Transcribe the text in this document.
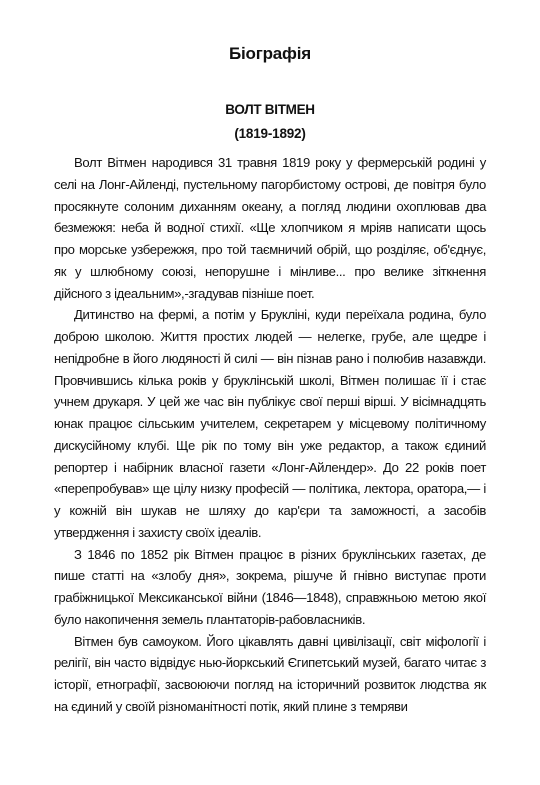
Біографія
ВОЛТ ВІТМЕН
(1819-1892)

Волт Вітмен народився 31 травня 1819 року у фермерській родині у селі на Лонг-Айленді, пустельному пагорбистому острові, де повітря було просякнуте солоним диханням океану, а погляд людини охоплював два безмежжя: неба й водної стихії. «Ще хлопчиком я мріяв написати щось про морське узбережжя, про той таємничий обрій, що розділяє, об'єднує, як у шлюбному союзі, непорушне і мінливе... про велике зіткнення дійсного з ідеальним»,-згадував пізніше поет.

Дитинство на фермі, а потім у Брукліні, куди переїхала родина, було доброю школою. Життя простих людей — нелегке, грубе, але щедре і непідробне в його людяності й силі — він пізнав рано і полюбив назавжди. Провчившись кілька років у бруклінській школі, Вітмен полишає її і стає учнем друкаря. У цей же час він публікує свої перші вірші. У вісімнадцять юнак працює сільським учителем, секретарем у місцевому політичному дискусійному клубі. Ще рік по тому він уже редактор, а також єдиний репортер і набірник власної газети «Лонг-Айлендер». До 22 років поет «перепробував» ще цілу низку професій — політика, лектора, оратора,— і у кожній він шукав не шляху до кар'єри та заможності, а засобів утвердження і захисту своїх ідеалів.

З 1846 по 1852 рік Вітмен працює в різних бруклінських газетах, де пише статті на «злобу дня», зокрема, рішуче й гнівно виступає проти грабіжницької Мексиканської війни (1846—1848), справжньою метою якої було накопичення земель плантаторів-рабовласників.

Вітмен був самоуком. Його цікавлять давні цивілізації, світ міфології і релігії, він часто відвідує нью-йоркський Єгипетський музей, багато читає з історії, етнографії, засвоюючи погляд на історичний розвиток людства як на єдиний у своїй різноманітності потік, який плине з темряви
